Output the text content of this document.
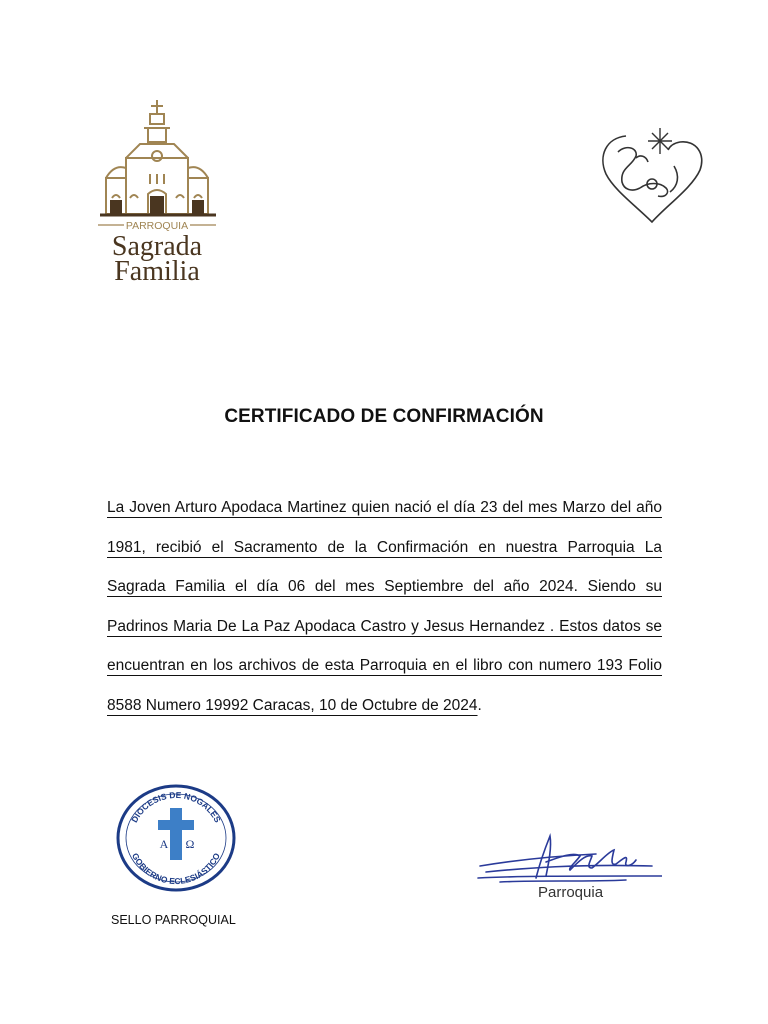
PARROQUIA
Sagrada
Familia
CERTIFICADO DE CONFIRMACIÓN
La Joven Arturo Apodaca Martinez quien nació el día 23 del mes Marzo del año 1981, recibió el Sacramento de la Confirmación en nuestra Parroquia La Sagrada Familia el día 06 del mes Septiembre del año 2024. Siendo su Padrinos Maria De La Paz Apodaca Castro y Jesus Hernandez . Estos datos se encuentran en los archivos de esta Parroquia en el libro con numero 193 Folio 8588 Numero 19992 Caracas, 10 de Octubre de 2024.
DIOCESIS DE NOGALES
GOBIERNO ECLESIÁSTICO
A Ω
SELLO PARROQUIAL
Parroquia
